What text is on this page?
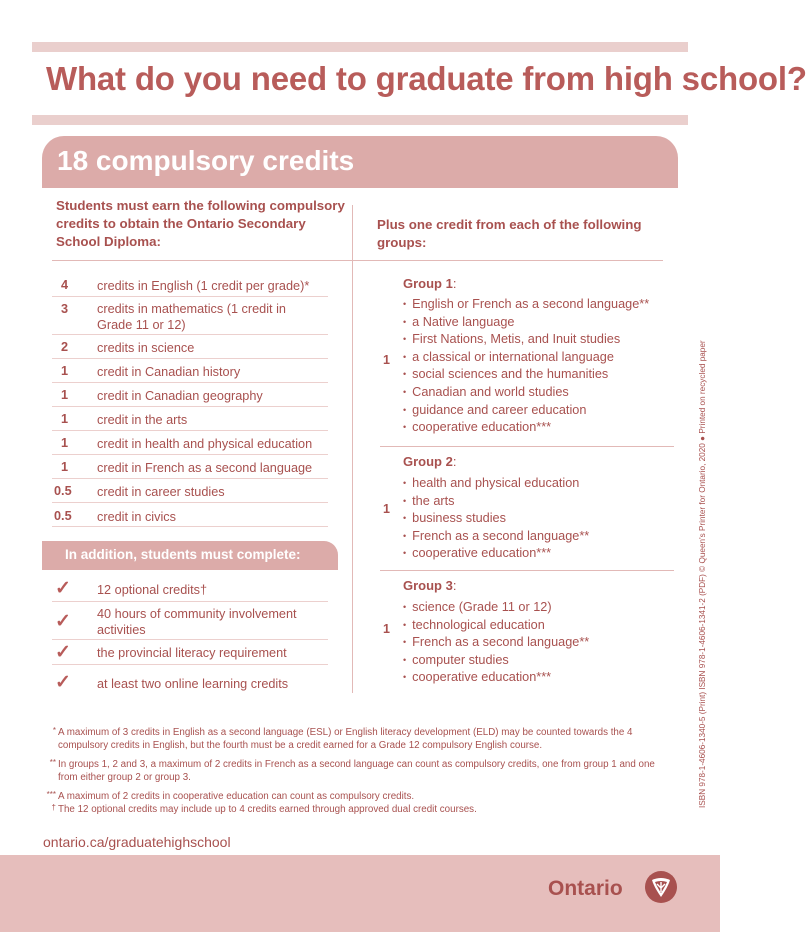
What do you need to graduate from high school?
18 compulsory credits
Students must earn the following compulsory credits to obtain the Ontario Secondary School Diploma:
Plus one credit from each of the following groups:
4 credits in English (1 credit per grade)*
3 credits in mathematics (1 credit in Grade 11 or 12)
2 credits in science
1 credit in Canadian history
1 credit in Canadian geography
1 credit in the arts
1 credit in health and physical education
1 credit in French as a second language
0.5 credit in career studies
0.5 credit in civics
In addition, students must complete:
✓ 12 optional credits†
✓ 40 hours of community involvement activities
✓ the provincial literacy requirement
✓ at least two online learning credits
Group 1:
1
• English or French as a second language**
• a Native language
• First Nations, Metis, and Inuit studies
• a classical or international language
• social sciences and the humanities
• Canadian and world studies
• guidance and career education
• cooperative education***
Group 2:
1
• health and physical education
• the arts
• business studies
• French as a second language**
• cooperative education***
Group 3:
1
• science (Grade 11 or 12)
• technological education
• French as a second language**
• computer studies
• cooperative education***
* A maximum of 3 credits in English as a second language (ESL) or English literacy development (ELD) may be counted towards the 4 compulsory credits in English, but the fourth must be a credit earned for a Grade 12 compulsory English course.
** In groups 1, 2 and 3, a maximum of 2 credits in French as a second language can count as compulsory credits, one from group 1 and one from either group 2 or group 3.
*** A maximum of 2 credits in cooperative education can count as compulsory credits.
† The 12 optional credits may include up to 4 credits earned through approved dual credit courses.
ontario.ca/graduatehighschool
Ontario
ISBN 978-1-4606-1340-5 (Print) ISBN 978-1-4606-1341-2 (PDF) © Queen's Printer for Ontario, 2020 ● Printed on recycled paper
